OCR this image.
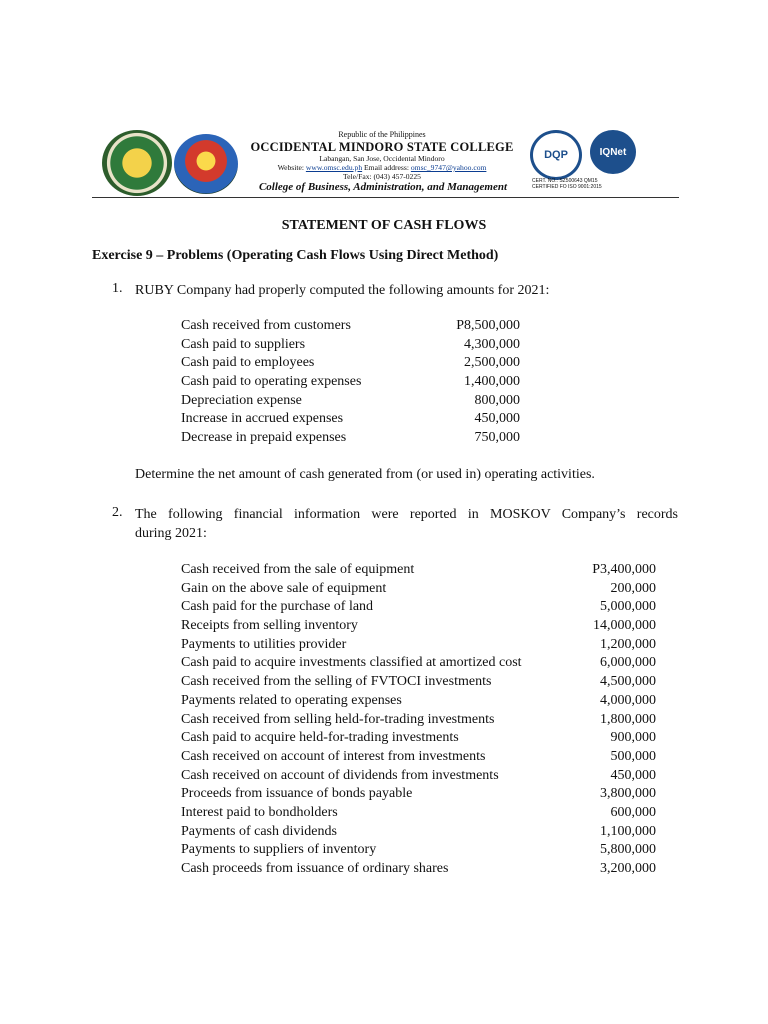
Republic of the Philippines
OCCIDENTAL MINDORO STATE COLLEGE
Labangan, San Jose, Occidental Mindoro
Website: www.omsc.edu.ph Email address: omsc_9747@yahoo.com
Tele/Fax: (043) 457-0225
College of Business, Administration, and Management
DQP	IQNet
CERT. NO.: SZ500643 QM15
CERTIFIED FO ISO 9001:2015
STATEMENT OF CASH FLOWS
Exercise 9 – Problems (Operating Cash Flows Using Direct Method)
1. RUBY Company had properly computed the following amounts for 2021:
Cash received from customers	P8,500,000
Cash paid to suppliers	4,300,000
Cash paid to employees	2,500,000
Cash paid to operating expenses	1,400,000
Depreciation expense	800,000
Increase in accrued expenses	450,000
Decrease in prepaid expenses	750,000
Determine the net amount of cash generated from (or used in) operating activities.
2. The following financial information were reported in MOSKOV Company’s records
during 2021:
Cash received from the sale of equipment	P3,400,000
Gain on the above sale of equipment	200,000
Cash paid for the purchase of land	5,000,000
Receipts from selling inventory	14,000,000
Payments to utilities provider	1,200,000
Cash paid to acquire investments classified at amortized cost	6,000,000
Cash received from the selling of FVTOCI investments	4,500,000
Payments related to operating expenses	4,000,000
Cash received from selling held-for-trading investments	1,800,000
Cash paid to acquire held-for-trading investments	900,000
Cash received on account of interest from investments	500,000
Cash received on account of dividends from investments	450,000
Proceeds from issuance of bonds payable	3,800,000
Interest paid to bondholders	600,000
Payments of cash dividends	1,100,000
Payments to suppliers of inventory	5,800,000
Cash proceeds from issuance of ordinary shares	3,200,000
